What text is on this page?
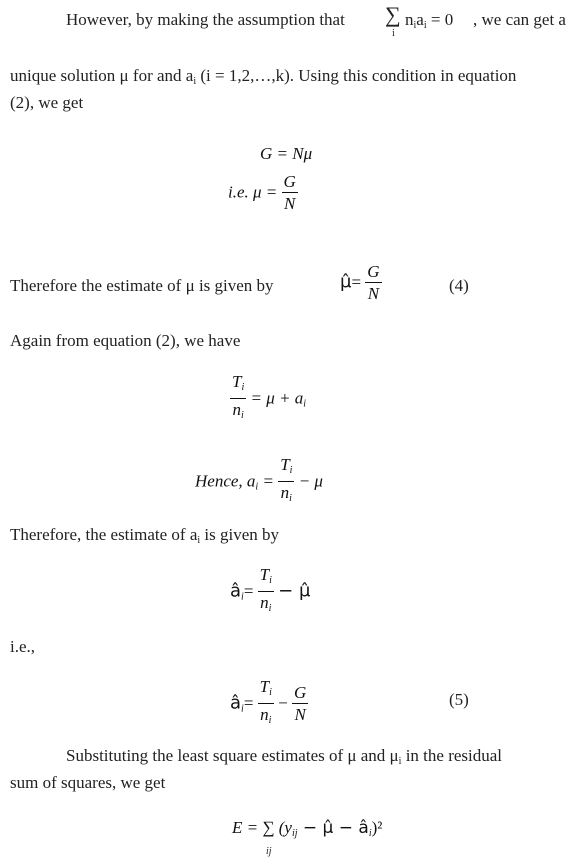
However, by making the assumption that ∑
i
$n_ia_i = 0$ , we can get a
unique solution μ for and $a_i$ (i = 1,2,…,k). Using this condition in equation
(2), we get
G = Nμ
i.e. $\mu = \frac{G}{N}$
Therefore the estimate of μ is given by	μ̂= $\frac{G}{N}$	(4)
Again from equation (2), we have
$\frac{T_i}{n_i} = \mu + a_i$
Hence, $a_i = \frac{T_i}{n_i} - \mu$
Therefore, the estimate of $a_i$ is given by
$â_i= \frac{T_i}{n_i}$ − μ̂
i.e.,
$â_i= \frac{T_i}{n_i} - \frac{G}{N}$	(5)
Substituting the least square estimates of μ and $\mu_i$ in the residual
sum of squares, we get
E = ∑ ($y_{ij}$ − μ̂ − $â_i)^2$
ij
